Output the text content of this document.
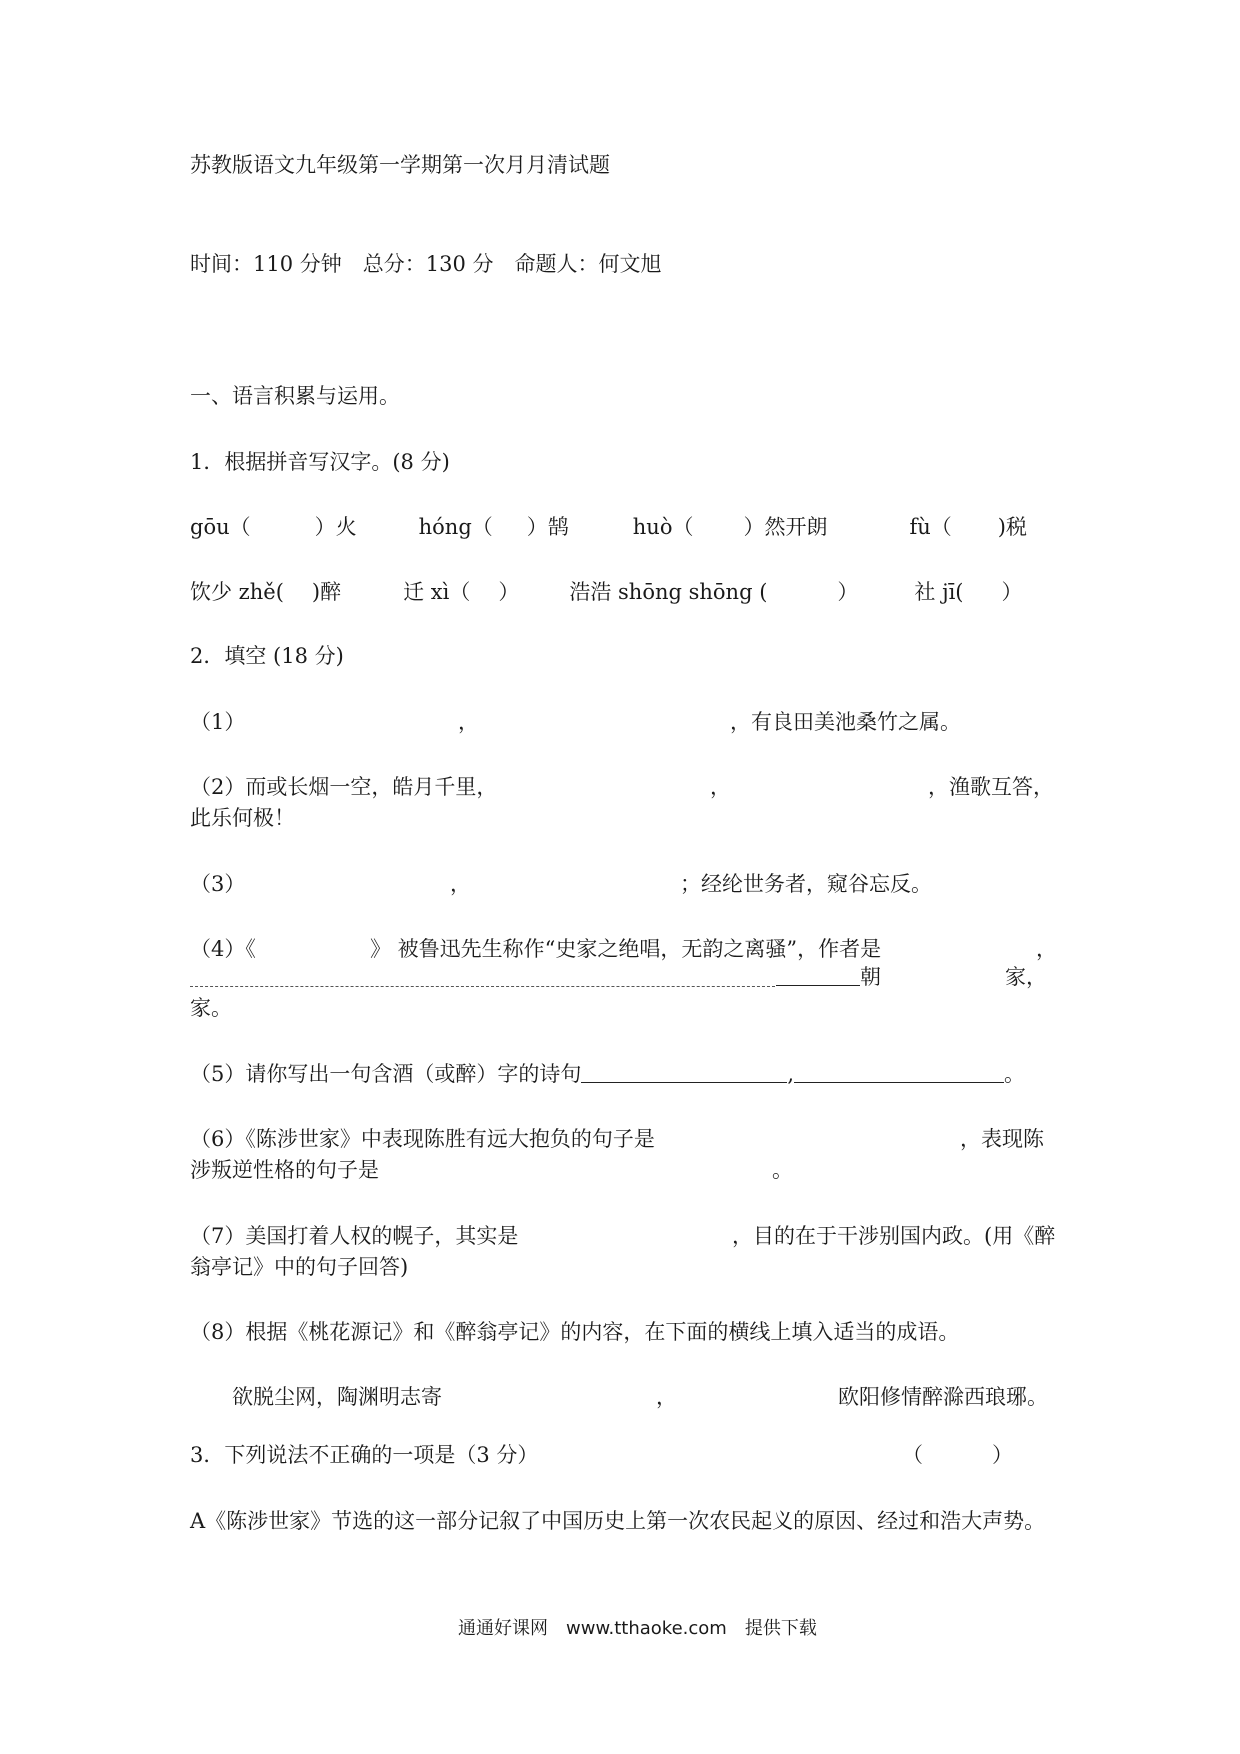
苏教版语文九年级第一学期第一次月月清试题
时间：110 分钟　总分：130 分　命题人：何文旭
一、语言积累与运用。
1．根据拼音写汉字。(8 分)
gōu（	）火	hóng（ ）鹄	huò（ ）然开朗	fù（ )税
饮少 zhě( )醉	迁 xì（ ） 浩浩 shōng shōng (	）	社 jī( ）
2．填空 (18 分)
（1）	，	，有良田美池桑竹之属。
（2）而或长烟一空，皓月千里，	，	，渔歌互答，
此乐何极！
（3）	，	；经纶世务者，窥谷忘反。
（4）《	》 被鲁迅先生称作“史家之绝唱，无韵之离骚”，作者是	，
朝	家，
家。
（5）请你写出一句含酒（或醉）字的诗句	,	。
（6）《陈涉世家》中表现陈胜有远大抱负的句子是	，表现陈
涉叛逆性格的句子是	。
（7）美国打着人权的幌子，其实是	，目的在于干涉别国内政。(用《醉
翁亭记》中的句子回答)
（8）根据《桃花源记》和《醉翁亭记》的内容，在下面的横线上填入适当的成语。
欲脱尘网，陶渊明志寄	，	欧阳修情醉滁西琅琊。
3．下列说法不正确的一项是（3 分）	（	）
A《陈涉世家》节选的这一部分记叙了中国历史上第一次农民起义的原因、经过和浩大声势。
通通好课网　www.tthaoke.com　提供下载
